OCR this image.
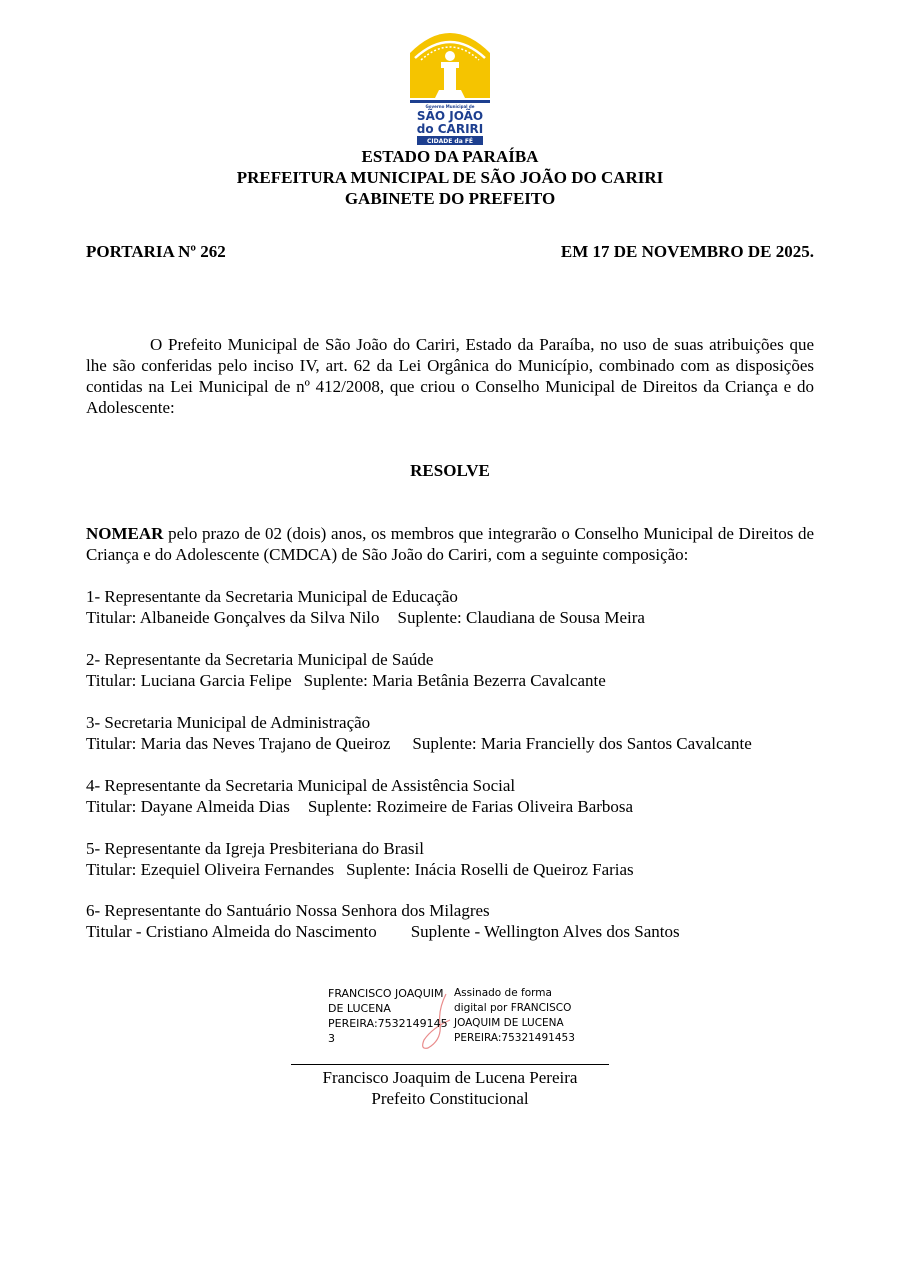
Governo Municipal de
SÃO JOÃO
do CARIRI
CIDADE da FÉ
ESTADO DA PARAÍBA
PREFEITURA MUNICIPAL DE SÃO JOÃO DO CARIRI
GABINETE DO PREFEITO
PORTARIA Nº 262	EM 17 DE NOVEMBRO DE 2025.

O Prefeito Municipal de São João do Cariri, Estado da Paraíba, no uso de suas atribuições que lhe são conferidas pelo inciso IV, art. 62 da Lei Orgânica do Município, combinado com as disposições contidas na Lei Municipal de nº 412/2008, que criou o Conselho Municipal de Direitos da Criança e do Adolescente:

RESOLVE

NOMEAR pelo prazo de 02 (dois) anos, os membros que integrarão o Conselho Municipal de Direitos de Criança e do Adolescente (CMDCA) de São João do Cariri, com a seguinte composição:

1- Representante da Secretaria Municipal de Educação
Titular: Albaneide Gonçalves da Silva Nilo Suplente: Claudiana de Sousa Meira
2- Representante da Secretaria Municipal de Saúde
Titular: Luciana Garcia Felipe Suplente: Maria Betânia Bezerra Cavalcante
3- Secretaria Municipal de Administração
Titular: Maria das Neves Trajano de Queiroz Suplente: Maria Francielly dos Santos Cavalcante
4- Representante da Secretaria Municipal de Assistência Social
Titular: Dayane Almeida Dias Suplente: Rozimeire de Farias Oliveira Barbosa
5- Representante da Igreja Presbiteriana do Brasil
Titular: Ezequiel Oliveira Fernandes Suplente: Inácia Roselli de Queiroz Farias
6- Representante do Santuário Nossa Senhora dos Milagres
Titular - Cristiano Almeida do Nascimento Suplente - Wellington Alves dos Santos
FRANCISCO JOAQUIM
DE LUCENA
PEREIRA:7532149145
3
Assinado de forma
digital por FRANCISCO
JOAQUIM DE LUCENA
PEREIRA:75321491453
Francisco Joaquim de Lucena Pereira
Prefeito Constitucional
